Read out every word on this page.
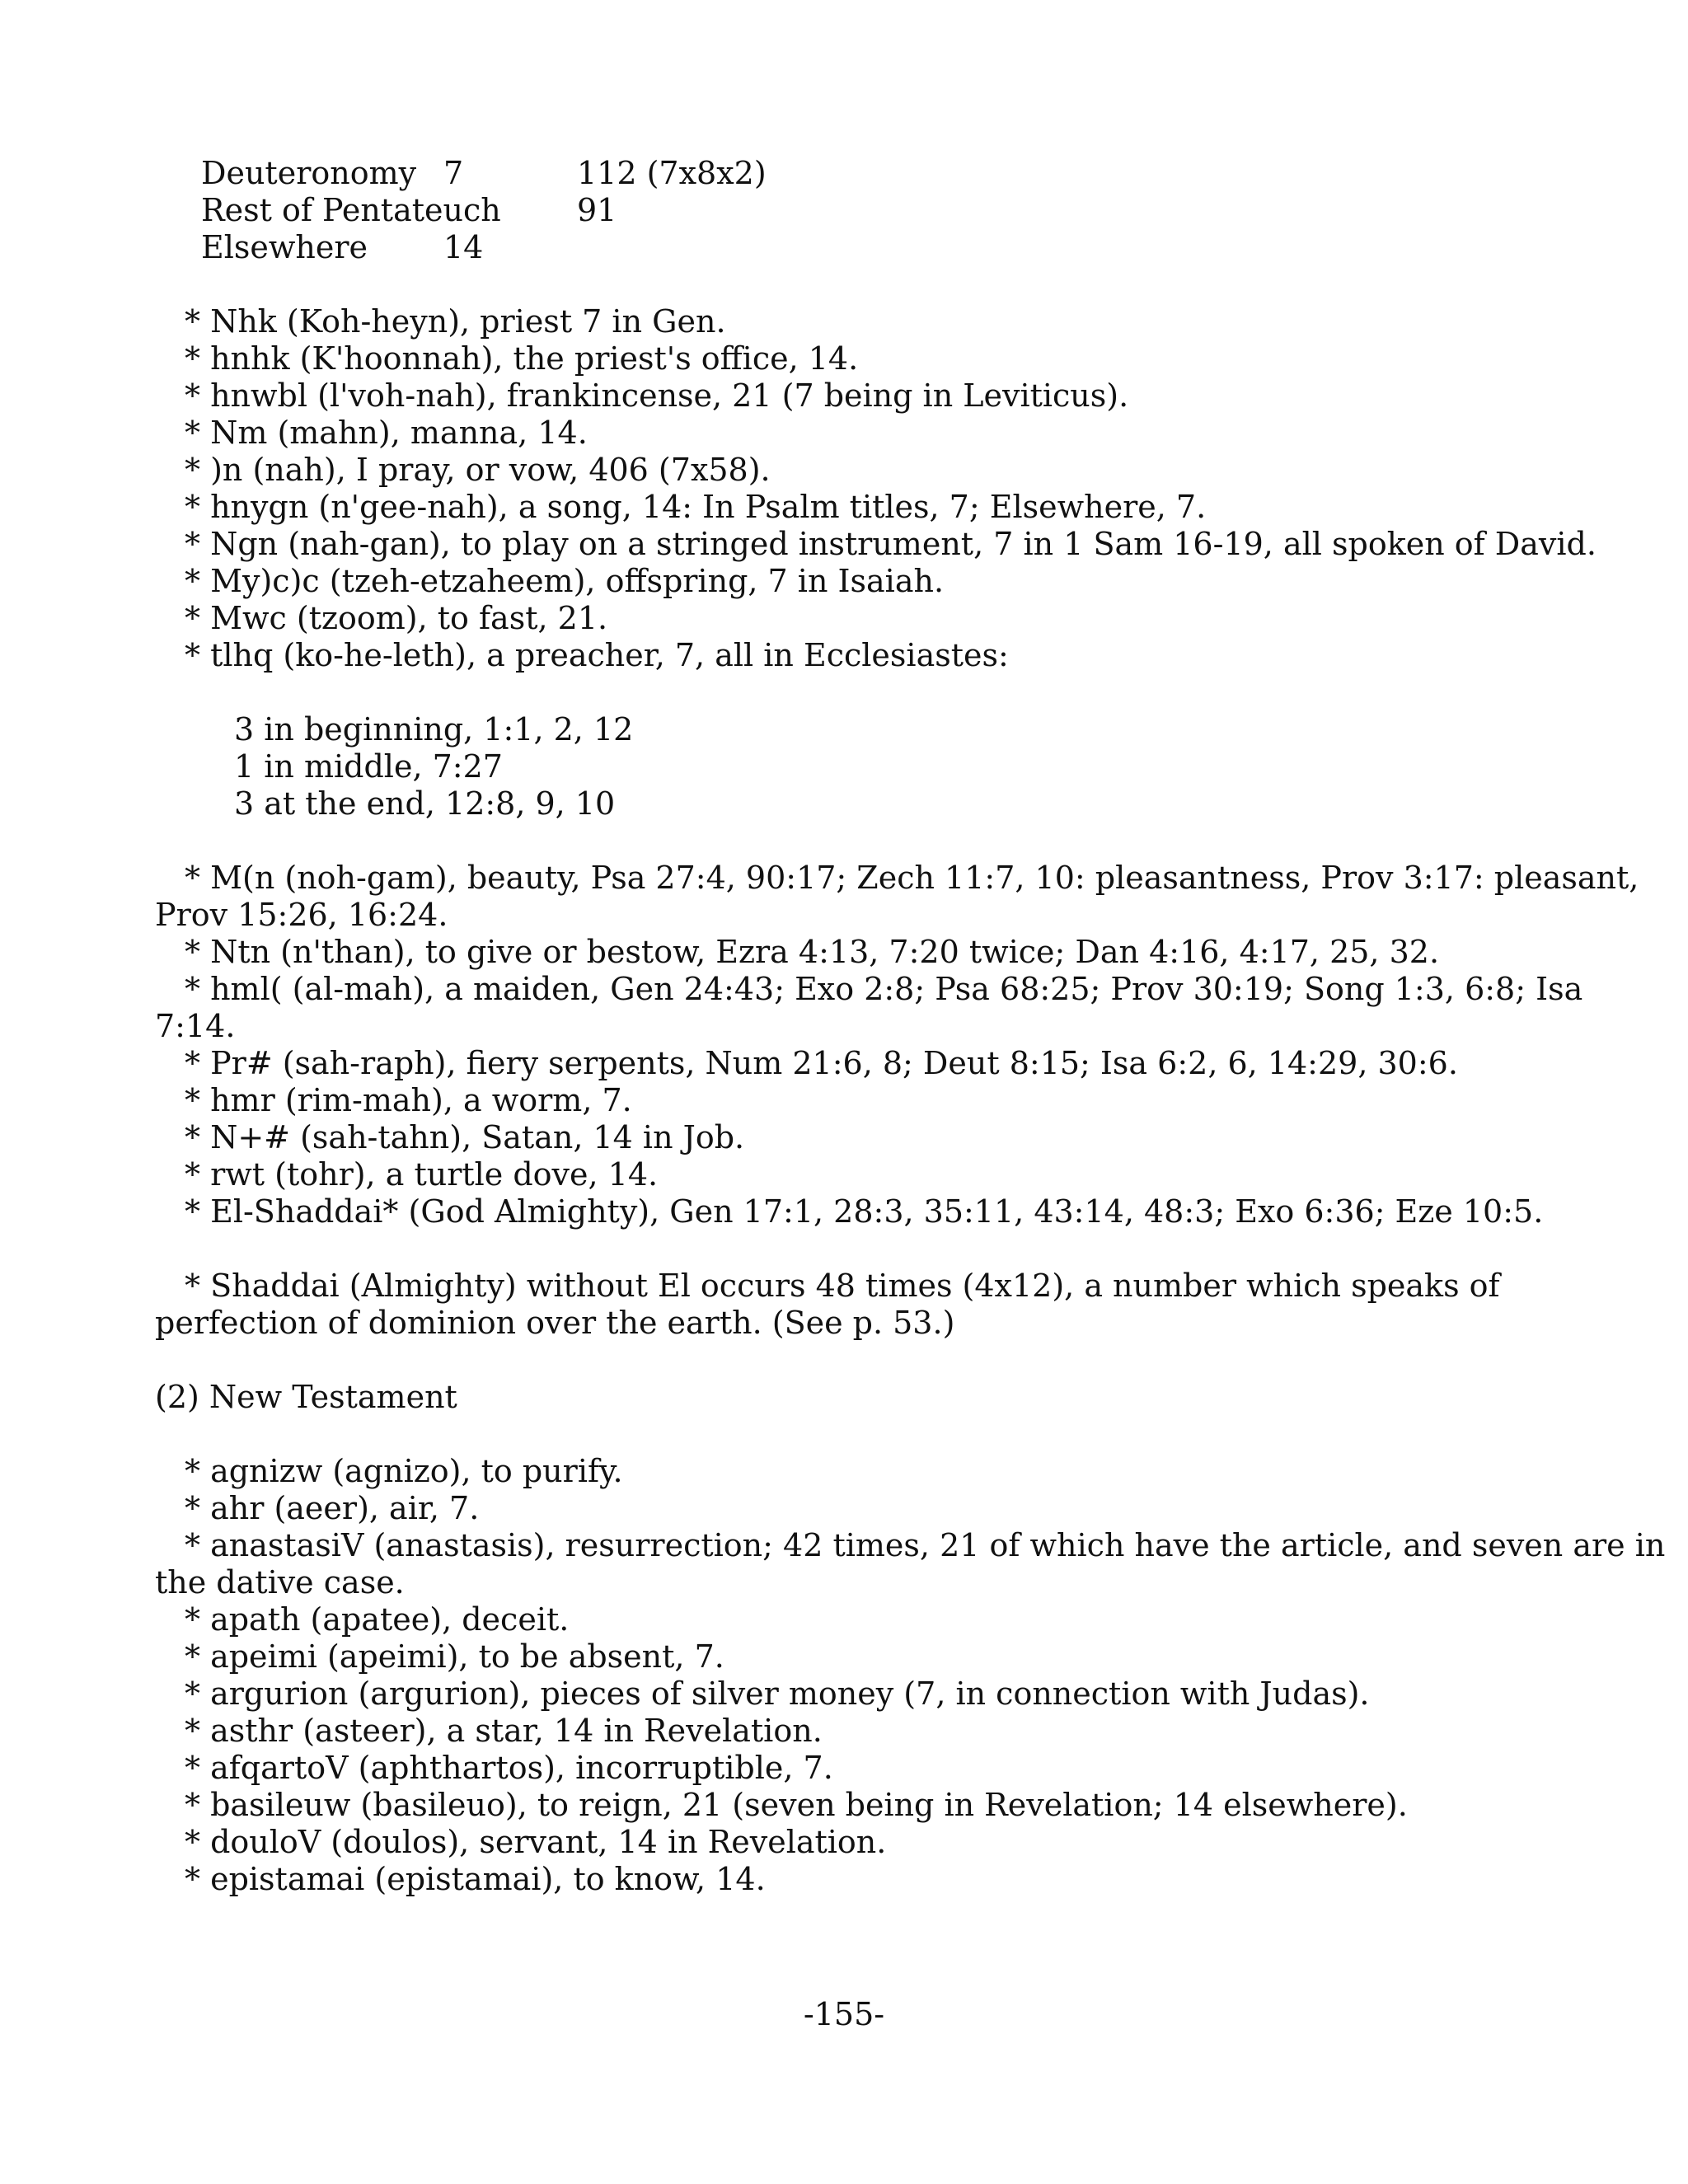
Deuteronomy 7	112 (7x8x2)
Rest of Pentateuch 91
Elsewhere 14
* Nhk (Koh-heyn), priest 7 in Gen.
* hnhk (K'hoonnah), the priest's office, 14.
* hnwbl (l'voh-nah), frankincense, 21 (7 being in Leviticus).
* Nm (mahn), manna, 14.
* )n (nah), I pray, or vow, 406 (7x58).
* hnygn (n'gee-nah), a song, 14: In Psalm titles, 7; Elsewhere, 7.
* Ngn (nah-gan), to play on a stringed instrument, 7 in 1 Sam 16-19, all spoken of David.
* My)c)c (tzeh-etzaheem), offspring, 7 in Isaiah.
* Mwc (tzoom), to fast, 21.
* tlhq (ko-he-leth), a preacher, 7, all in Ecclesiastes:
3 in beginning, 1:1, 2, 12
1 in middle, 7:27
3 at the end, 12:8, 9, 10
* M(n (noh-gam), beauty, Psa 27:4, 90:17; Zech 11:7, 10: pleasantness, Prov 3:17: pleasant,
Prov 15:26, 16:24.
* Ntn (n'than), to give or bestow, Ezra 4:13, 7:20 twice; Dan 4:16, 4:17, 25, 32.
* hml( (al-mah), a maiden, Gen 24:43; Exo 2:8; Psa 68:25; Prov 30:19; Song 1:3, 6:8; Isa
7:14.
* Pr# (sah-raph), fiery serpents, Num 21:6, 8; Deut 8:15; Isa 6:2, 6, 14:29, 30:6.
* hmr (rim-mah), a worm, 7.
* N+# (sah-tahn), Satan, 14 in Job.
* rwt (tohr), a turtle dove, 14.
* El-Shaddai* (God Almighty), Gen 17:1, 28:3, 35:11, 43:14, 48:3; Exo 6:36; Eze 10:5.
* Shaddai (Almighty) without El occurs 48 times (4x12), a number which speaks of
perfection of dominion over the earth. (See p. 53.)
(2) New Testament
* agnizw (agnizo), to purify.
* ahr (aeer), air, 7.
* anastasiV (anastasis), resurrection; 42 times, 21 of which have the article, and seven are in
the dative case.
* apath (apatee), deceit.
* apeimi (apeimi), to be absent, 7.
* argurion (argurion), pieces of silver money (7, in connection with Judas).
* asthr (asteer), a star, 14 in Revelation.
* afqartoV (aphthartos), incorruptible, 7.
* basileuw (basileuo), to reign, 21 (seven being in Revelation; 14 elsewhere).
* douloV (doulos), servant, 14 in Revelation.
* epistamai (epistamai), to know, 14.
-155-
